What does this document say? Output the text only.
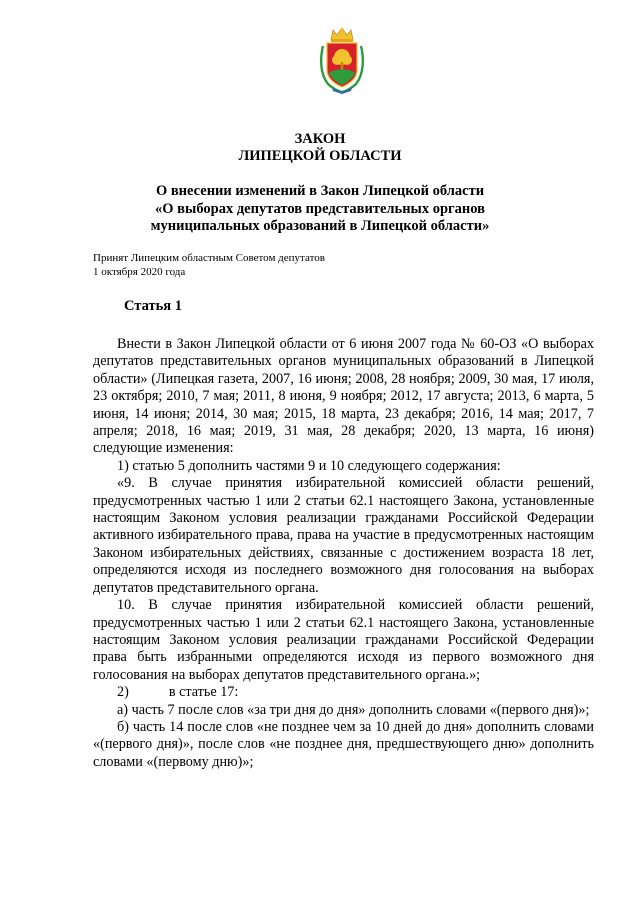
ЗАКОН
ЛИПЕЦКОЙ ОБЛАСТИ
О внесении изменений в Закон Липецкой области
«О выборах депутатов представительных органов
муниципальных образований в Липецкой области»
Принят Липецким областным Советом депутатов
1 октября 2020 года
Статья 1

Внести в Закон Липецкой области от 6 июня 2007 года № 60-ОЗ «О выборах депутатов представительных органов муниципальных образований в Липецкой области» (Липецкая газета, 2007, 16 июня; 2008, 28 ноября; 2009, 30 мая, 17 июля, 23 октября; 2010, 7 мая; 2011, 8 июня, 9 ноября; 2012, 17 августа; 2013, 6 марта, 5 июня, 14 июня; 2014, 30 мая; 2015, 18 марта, 23 декабря; 2016, 14 мая; 2017, 7 апреля; 2018, 16 мая; 2019, 31 мая, 28 декабря; 2020, 13 марта, 16 июня) следующие изменения:

1) статью 5 дополнить частями 9 и 10 следующего содержания:

«9. В случае принятия избирательной комиссией области решений, предусмотренных частью 1 или 2 статьи 62.1 настоящего Закона, установленные настоящим Законом условия реализации гражданами Российской Федерации активного избирательного права, права на участие в предусмотренных настоящим Законом избирательных действиях, связанные с достижением возраста 18 лет, определяются исходя из последнего возможного дня голосования на выборах депутатов представительного органа.

10. В случае принятия избирательной комиссией области решений, предусмотренных частью 1 или 2 статьи 62.1 настоящего Закона, установленные настоящим Законом условия реализации гражданами Российской Федерации права быть избранными определяются исходя из первого возможного дня голосования на выборах депутатов представительного органа.»;

2)	в статье 17:

а) часть 7 после слов «за три дня до дня» дополнить словами «(первого дня)»;

б) часть 14 после слов «не позднее чем за 10 дней до дня» дополнить словами «(первого дня)», после слов «не позднее дня, предшествующего дню» дополнить словами «(первому дню)»;
